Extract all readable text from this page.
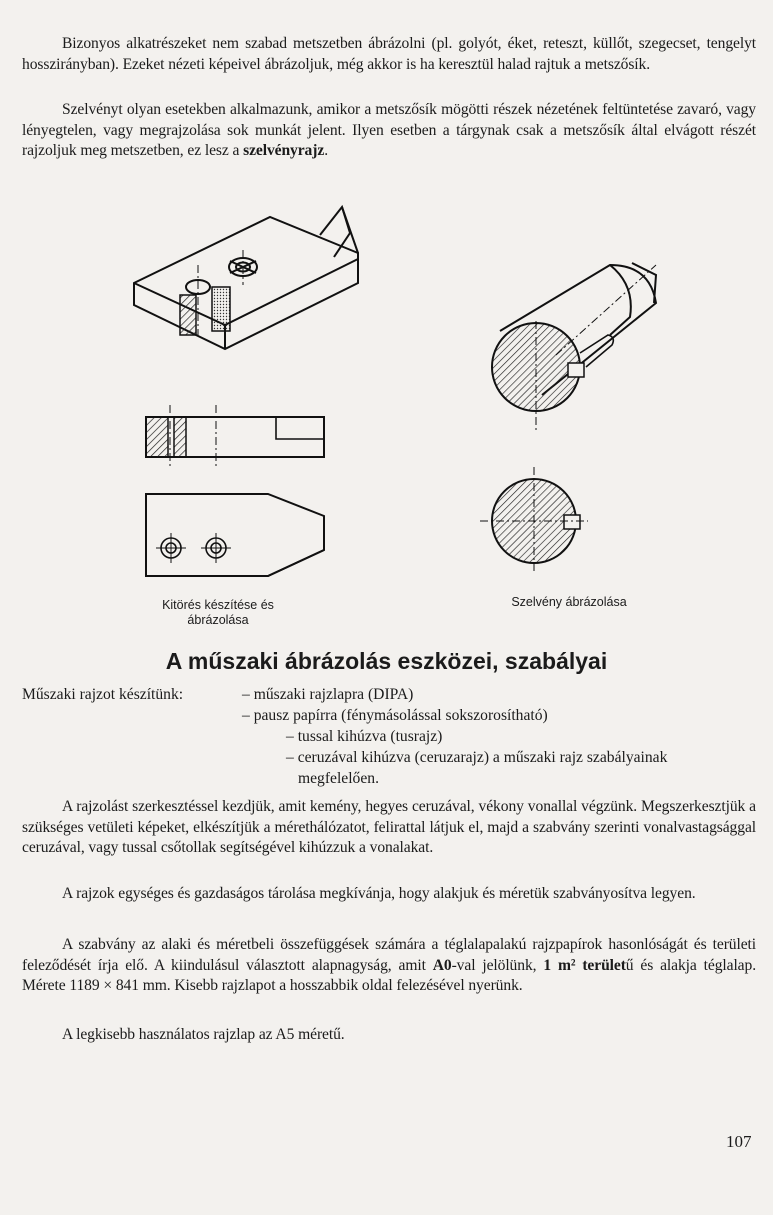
Bizonyos alkatrészeket nem szabad metszetben ábrázolni (pl. golyót, éket, reteszt, küllőt, szegecset, tengelyt hosszirányban). Ezeket nézeti képeivel ábrázoljuk, még akkor is ha keresztül halad rajtuk a metszősík.
Szelvényt olyan esetekben alkalmazunk, amikor a metszősík mögötti részek nézetének feltüntetése zavaró, vagy lényegtelen, vagy megrajzolása sok munkát jelent. Ilyen esetben a tárgynak csak a metszősík által elvágott részét rajzoljuk meg metszetben, ez lesz a szelvényrajz.
Kitörés készítése és ábrázolása
Szelvény ábrázolása
A műszaki ábrázolás eszközei, szabályai
Műszaki rajzot készítünk:	– műszaki rajzlapra (DIPA)
– pausz papírra (fénymásolással sokszorosítható)
– tussal kihúzva (tusrajz)
– ceruzával kihúzva (ceruzarajz) a műszaki rajz szabályainak
megfelelően.
A rajzolást szerkesztéssel kezdjük, amit kemény, hegyes ceruzával, vékony vonallal végzünk. Megszerkesztjük a szükséges vetületi képeket, elkészítjük a mérethálózatot, felirattal látjuk el, majd a szabvány szerinti vonalvastagsággal ceruzával, vagy tussal csőtollak segítségével kihúzzuk a vonalakat.
A rajzok egységes és gazdaságos tárolása megkívánja, hogy alakjuk és méretük szabványosítva legyen.
A szabvány az alaki és méretbeli összefüggések számára a téglalapalakú rajzpapírok hasonlóságát és területi feleződését írja elő. A kiindulásul választott alapnagyság, amit A0-val jelölünk, 1 m² területű és alakja téglalap. Mérete 1189 × 841 mm. Kisebb rajzlapot a hosszabbik oldal felezésével nyerünk.
A legkisebb használatos rajzlap az A5 méretű.
107
